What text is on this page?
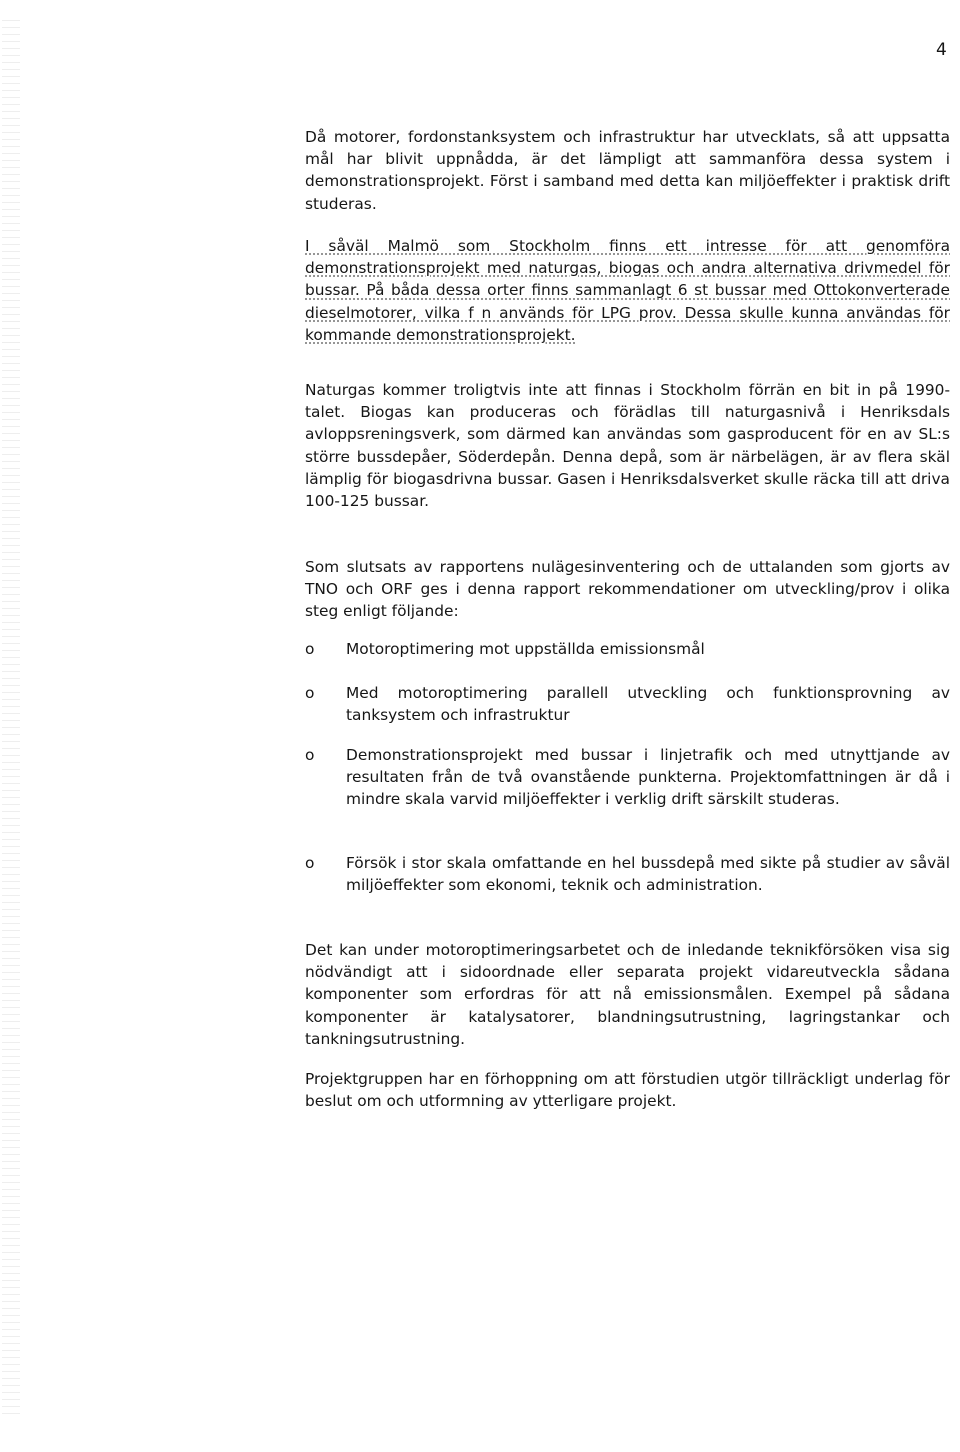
4

Då motorer, fordonstanksystem och infrastruktur har utvecklats, så att uppsatta mål har blivit uppnådda, är det lämpligt att sammanföra dessa system i demonstrationsprojekt. Först i samband med detta kan miljöeffekter i praktisk drift studeras.

I såväl Malmö som Stockholm finns ett intresse för att genomföra demonstrationsprojekt med naturgas, biogas och andra alternativa drivmedel för bussar. På båda dessa orter finns sammanlagt 6 st bussar med Ottokonverterade dieselmotorer, vilka f n används för LPG prov. Dessa skulle kunna användas för kommande demonstrationsprojekt.

Naturgas kommer troligtvis inte att finnas i Stockholm förrän en bit in på 1990-talet. Biogas kan produceras och förädlas till naturgasnivå i Henriksdals avloppsreningsverk, som därmed kan användas som gasproducent för en av SL:s större bussdepåer, Söderdepån. Denna depå, som är närbelägen, är av flera skäl lämplig för biogasdrivna bussar. Gasen i Henriksdalsverket skulle räcka till att driva 100-125 bussar.

Som slutsats av rapportens nulägesinventering och de uttalanden som gjorts av TNO och ORF ges i denna rapport rekommendationer om utveckling/prov i olika steg enligt följande:

o Motoroptimering mot uppställda emissionsmål

o Med motoroptimering parallell utveckling och funktionsprovning av tanksystem och infrastruktur

o Demonstrationsprojekt med bussar i linjetrafik och med utnyttjande av resultaten från de två ovanstående punkterna. Projektomfattningen är då i mindre skala varvid miljöeffekter i verklig drift särskilt studeras.

o Försök i stor skala omfattande en hel bussdepå med sikte på studier av såväl miljöeffekter som ekonomi, teknik och administration.

Det kan under motoroptimeringsarbetet och de inledande teknikförsöken visa sig nödvändigt att i sidoordnade eller separata projekt vidareutveckla sådana komponenter som erfordras för att nå emissionsmålen. Exempel på sådana komponenter är katalysatorer, blandningsutrustning, lagringstankar och tankningsutrustning.

Projektgruppen har en förhoppning om att förstudien utgör tillräckligt underlag för beslut om och utformning av ytterligare projekt.
